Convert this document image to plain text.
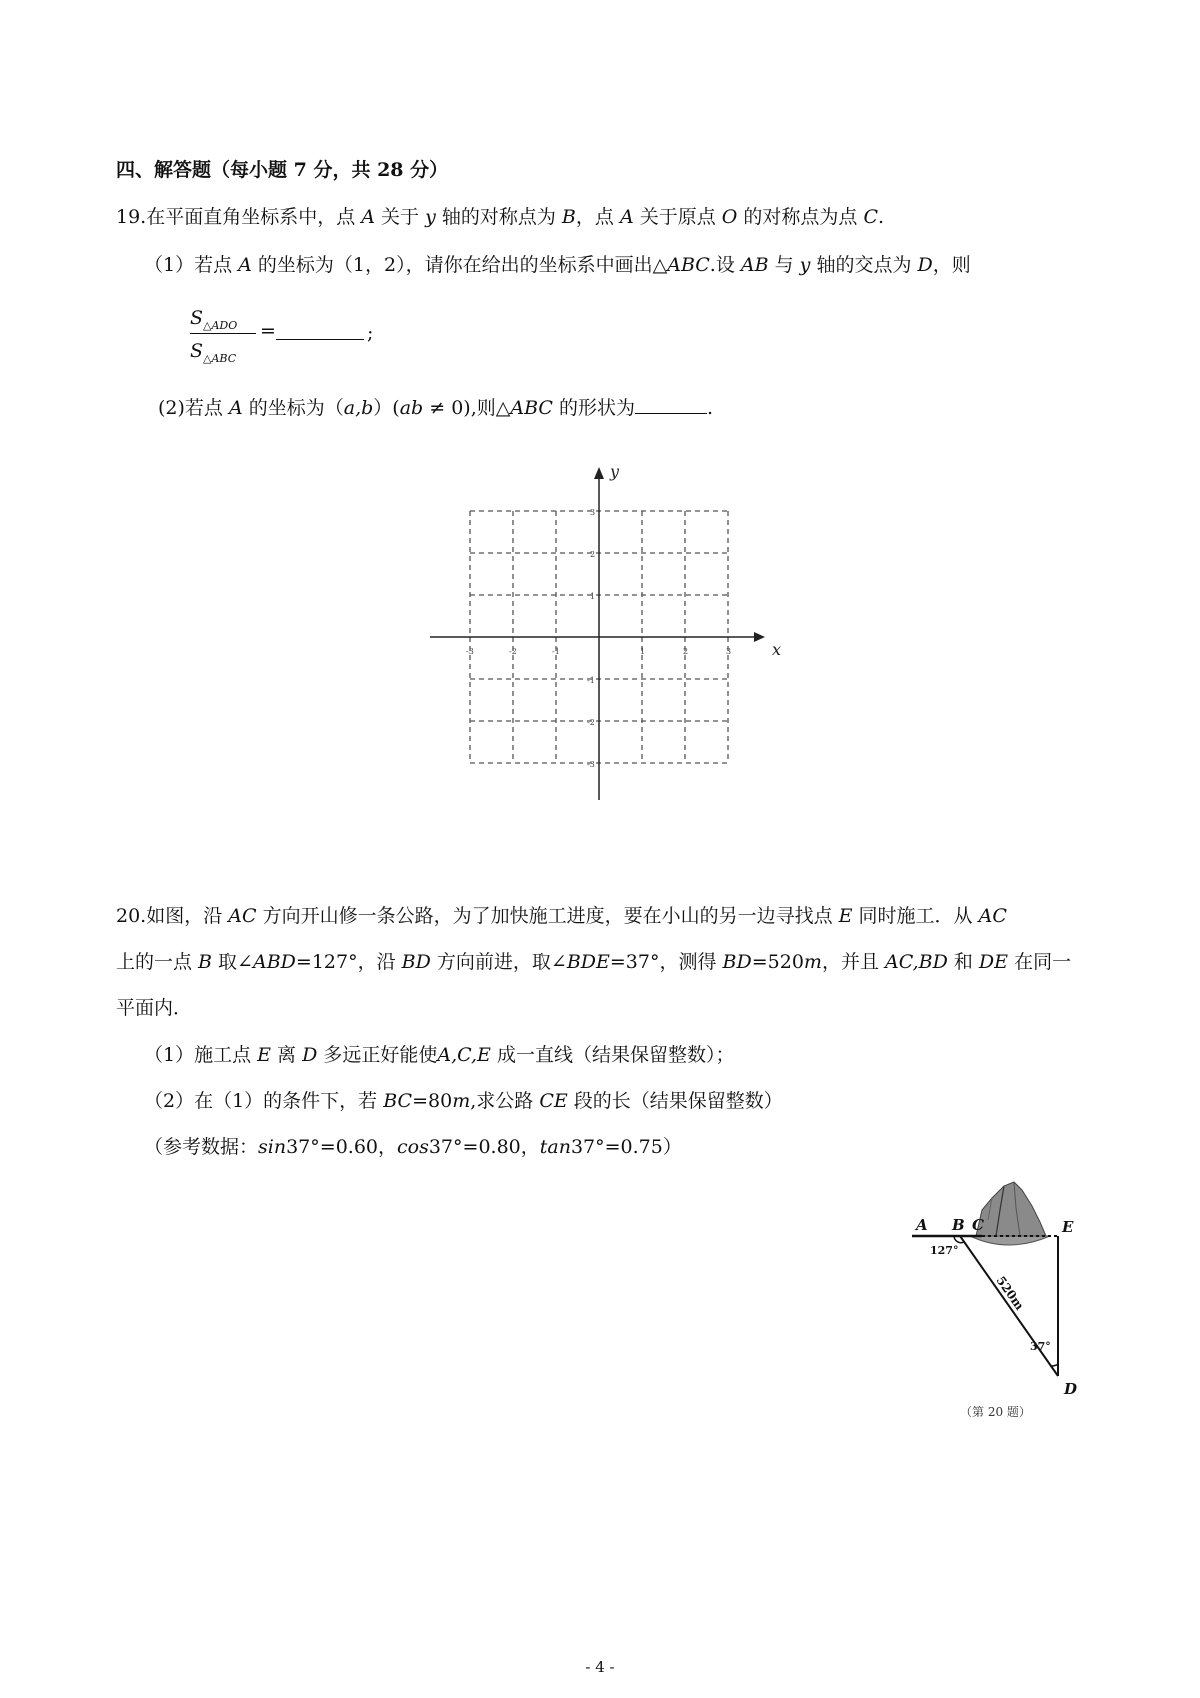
四、解答题（每小题 7 分，共 28 分）
19.在平面直角坐标系中，点 A 关于 y 轴的对称点为 B，点 A 关于原点 O 的对称点为点 C.
（1）若点 A 的坐标为（1，2），请你在给出的坐标系中画出△ABC.设 AB 与 y 轴的交点为 D，则
$S_{\triangle ADO}$
$S_{\triangle ABC}$
=	;
(2)若点 A 的坐标为（a,b）(ab ≠ 0),则△ABC 的形状为	.
x
y
-3	-2	-1	1	2	3
3
2
1
-1
-2
-3
20.如图，沿 AC 方向开山修一条公路，为了加快施工进度，要在小山的另一边寻找点 E 同时施工．从 AC
上的一点 B 取∠ABD=127°，沿 BD 方向前进，取∠BDE=37°，测得 BD=520m，并且 AC,BD 和 DE 在同一
平面内．
（1）施工点 E 离 D 多远正好能使A,C,E 成一直线（结果保留整数）；
（2）在（1）的条件下，若 BC=80m,求公路 CE 段的长（结果保留整数）
（参考数据：sin37°=0.60，cos37°=0.80，tan37°=0.75）
A B C	E
D
127°
37°
520m
（第 20 题）
- 4 -
